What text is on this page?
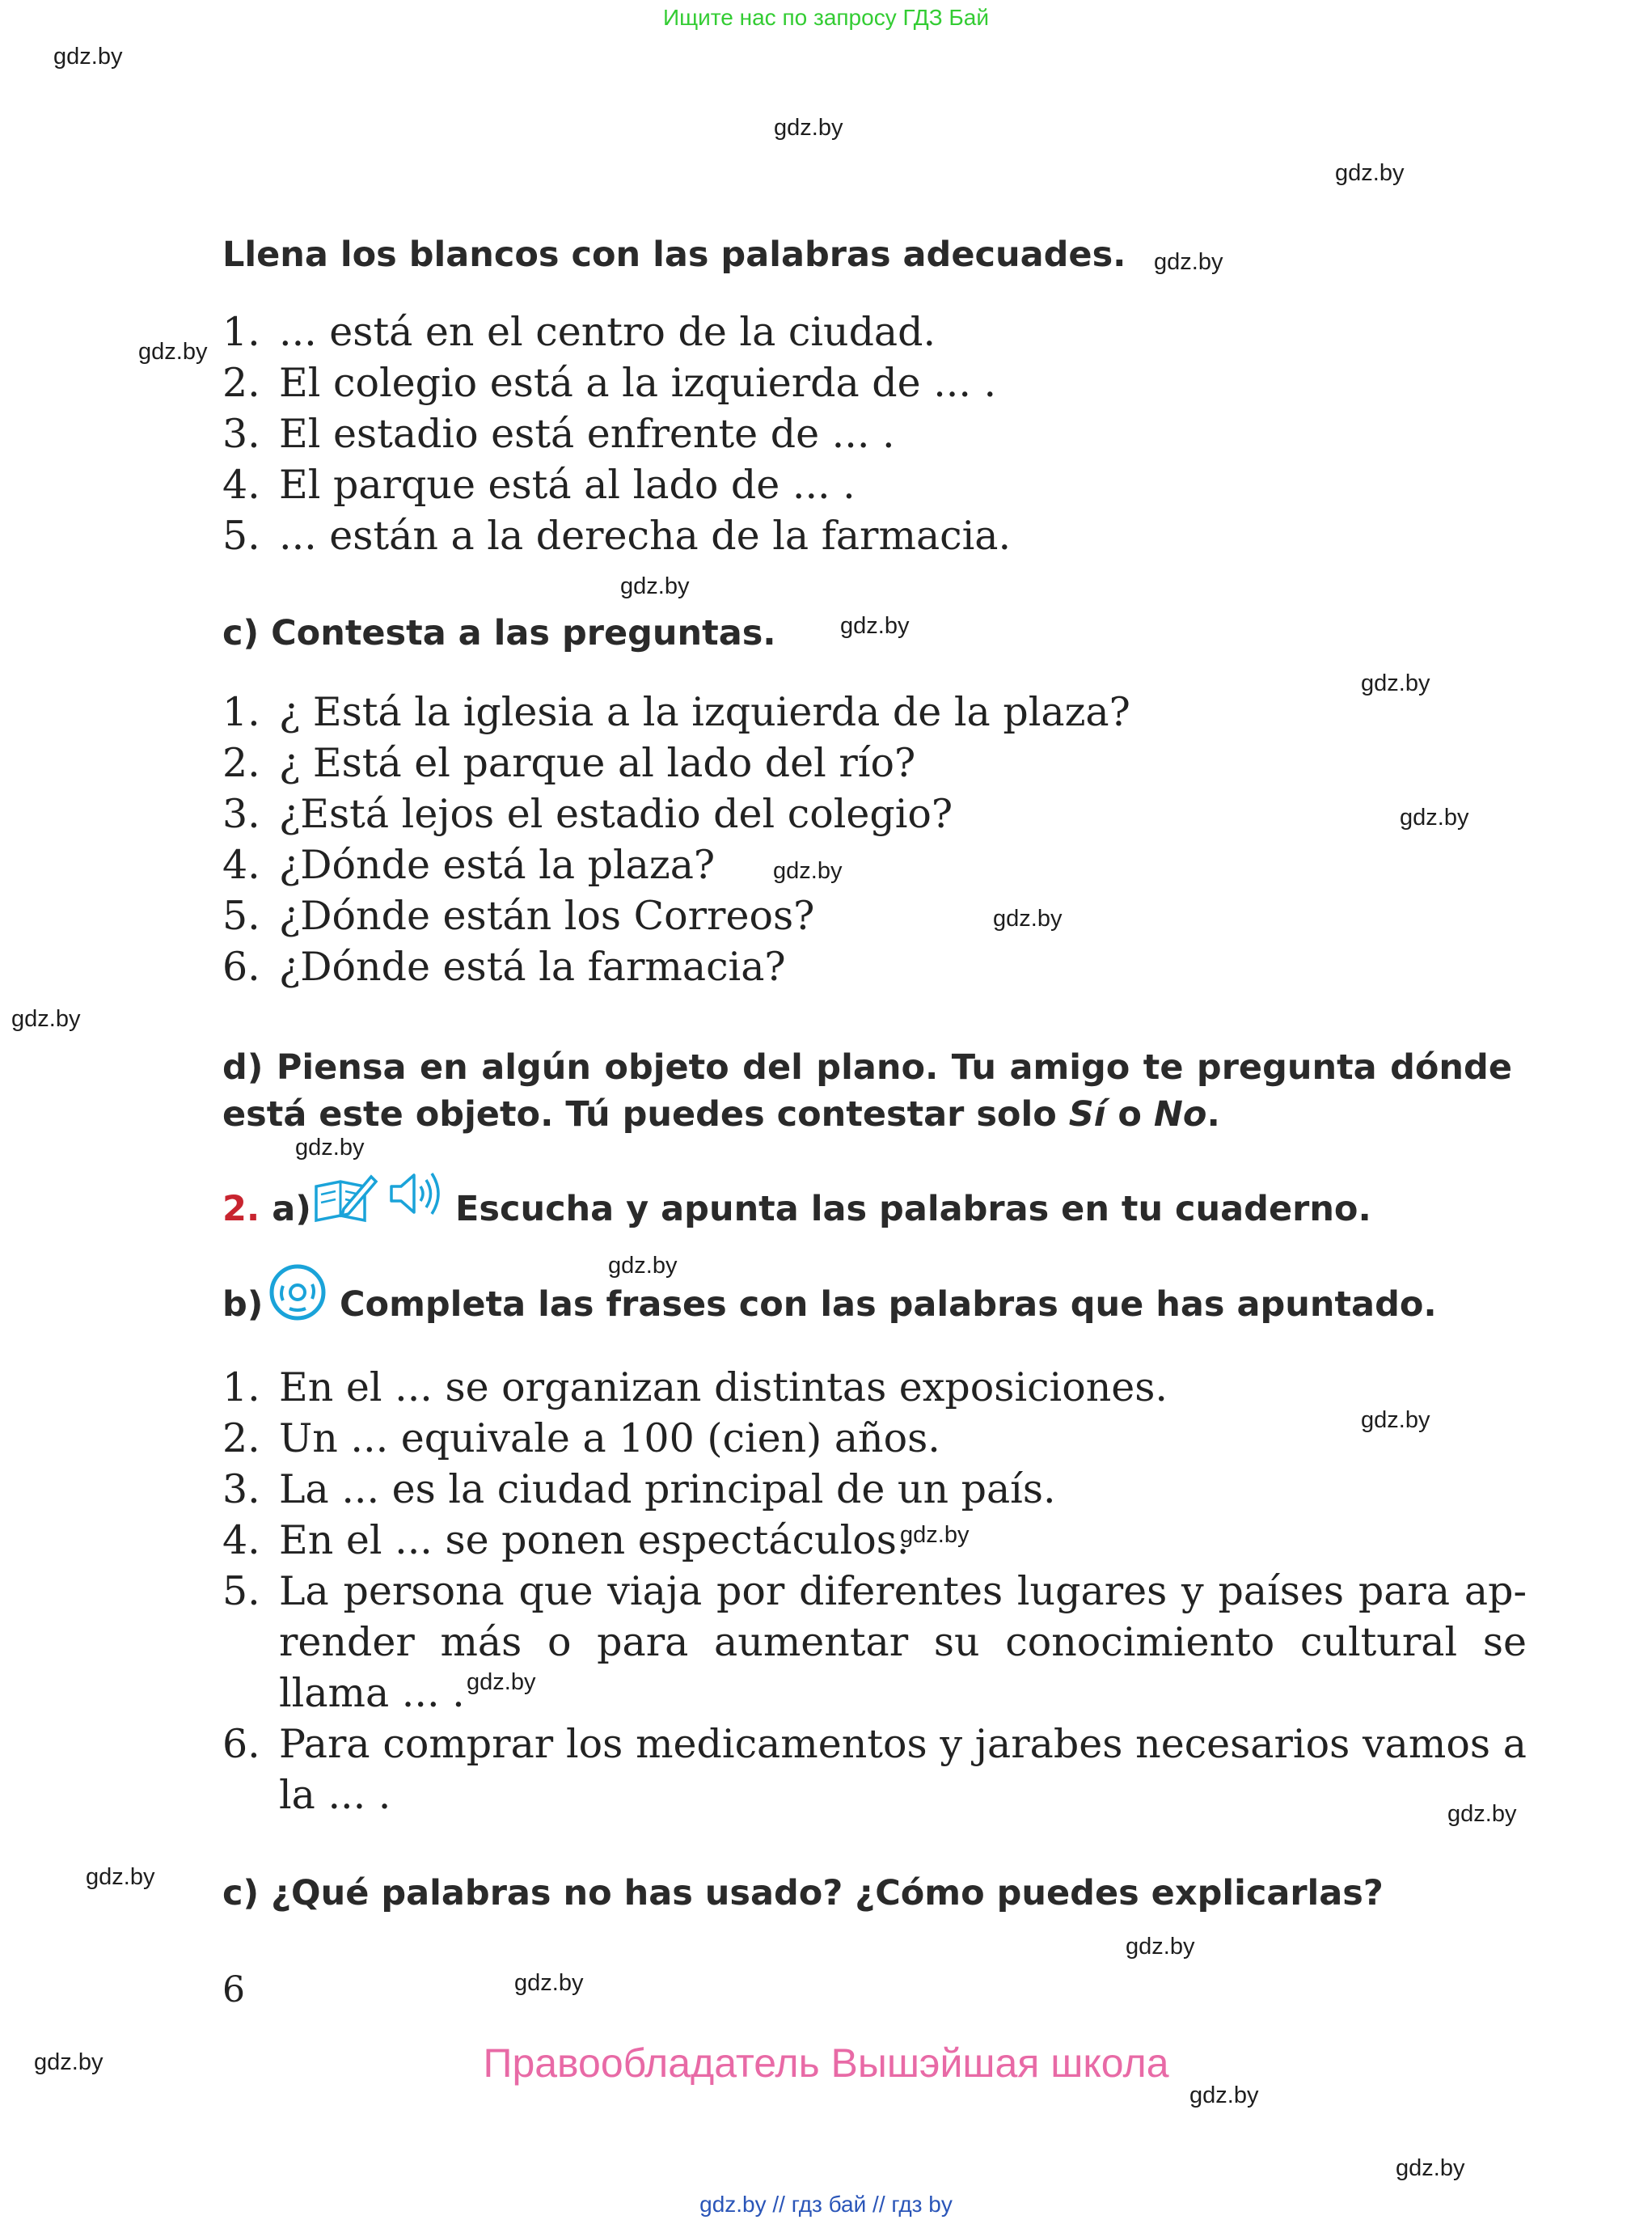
Ищите нас по запросу ГДЗ Бай
gdz.by
gdz.by
gdz.by
gdz.by
gdz.by
gdz.by
gdz.by
gdz.by
gdz.by
gdz.by
gdz.by
gdz.by
gdz.by
gdz.by
gdz.by
gdz.by
gdz.by
gdz.by
gdz.by
gdz.by
gdz.by
gdz.by
gdz.by
gdz.by
Llena los blancos con las palabras adecuades.
1. ... está en el centro de la ciudad.
2. El colegio está a la izquierda de ... .
3. El estadio está enfrente de ... .
4. El parque está al lado de ... .
5. ... están a la derecha de la farmacia.
c) Contesta a las preguntas.
1. ¿ Está la iglesia a la izquierda de la plaza?
2. ¿ Está el parque al lado del río?
3. ¿Está lejos el estadio del colegio?
4. ¿Dónde está la plaza?
5. ¿Dónde están los Correos?
6. ¿Dónde está la farmacia?
d) Piensa en algún objeto del plano. Tu amigo te pregunta dónde
está este objeto. Tú puedes contestar solo Sí o No.
2. a)	Escucha y apunta las palabras en tu cuaderno.
b) Completa las frases con las palabras que has apuntado.
1. En el ... se organizan distintas exposiciones.
2. Un ... equivale a 100 (cien) años.
3. La ... es la ciudad principal de un país.
4. En el ... se ponen espectáculos.
5. La persona que viaja por diferentes lugares y países para ap-
render más o para aumentar su conocimiento cultural se
llama ... .
6. Para comprar los medicamentos y jarabes necesarios vamos a
la ... .
c) ¿Qué palabras no has usado? ¿Cómo puedes explicarlas?
6
Правообладатель Вышэйшая школа
gdz.by // гдз бай // гдз by
